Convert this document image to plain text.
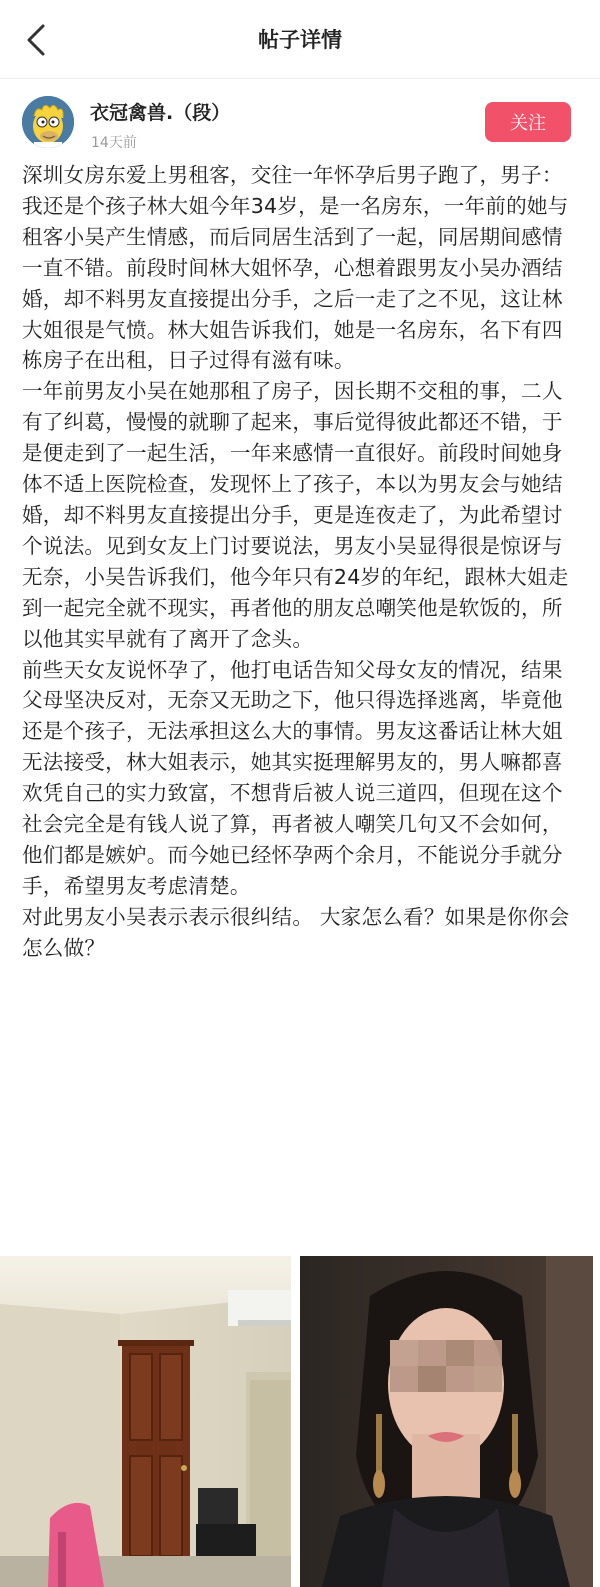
帖子详情
衣冠禽兽.（段）
14天前
关注

深圳女房东爱上男租客，交往一年怀孕后男子跑了，男子：我还是个孩子林大姐今年34岁，是一名房东，一年前的她与租客小吴产生情感，而后同居生活到了一起，同居期间感情一直不错。前段时间林大姐怀孕，心想着跟男友小吴办酒结婚，却不料男友直接提出分手，之后一走了之不见，这让林大姐很是气愤。林大姐告诉我们，她是一名房东，名下有四栋房子在出租，日子过得有滋有味。

一年前男友小吴在她那租了房子，因长期不交租的事，二人有了纠葛，慢慢的就聊了起来，事后觉得彼此都还不错，于是便走到了一起生活，一年来感情一直很好。前段时间她身体不适上医院检查，发现怀上了孩子，本以为男友会与她结婚，却不料男友直接提出分手，更是连夜走了，为此希望讨个说法。见到女友上门讨要说法，男友小吴显得很是惊讶与无奈，小吴告诉我们，他今年只有24岁的年纪，跟林大姐走到一起完全就不现实，再者他的朋友总嘲笑他是软饭的，所以他其实早就有了离开了念头。

前些天女友说怀孕了，他打电话告知父母女友的情况，结果父母坚决反对，无奈又无助之下，他只得选择逃离，毕竟他还是个孩子，无法承担这么大的事情。男友这番话让林大姐无法接受，林大姐表示，她其实挺理解男友的，男人嘛都喜欢凭自己的实力致富，不想背后被人说三道四，但现在这个社会完全是有钱人说了算，再者被人嘲笑几句又不会如何，他们都是嫉妒。而今她已经怀孕两个余月，不能说分手就分手，希望男友考虑清楚。

对此男友小吴表示表示很纠结。 大家怎么看？如果是你你会怎么做？
